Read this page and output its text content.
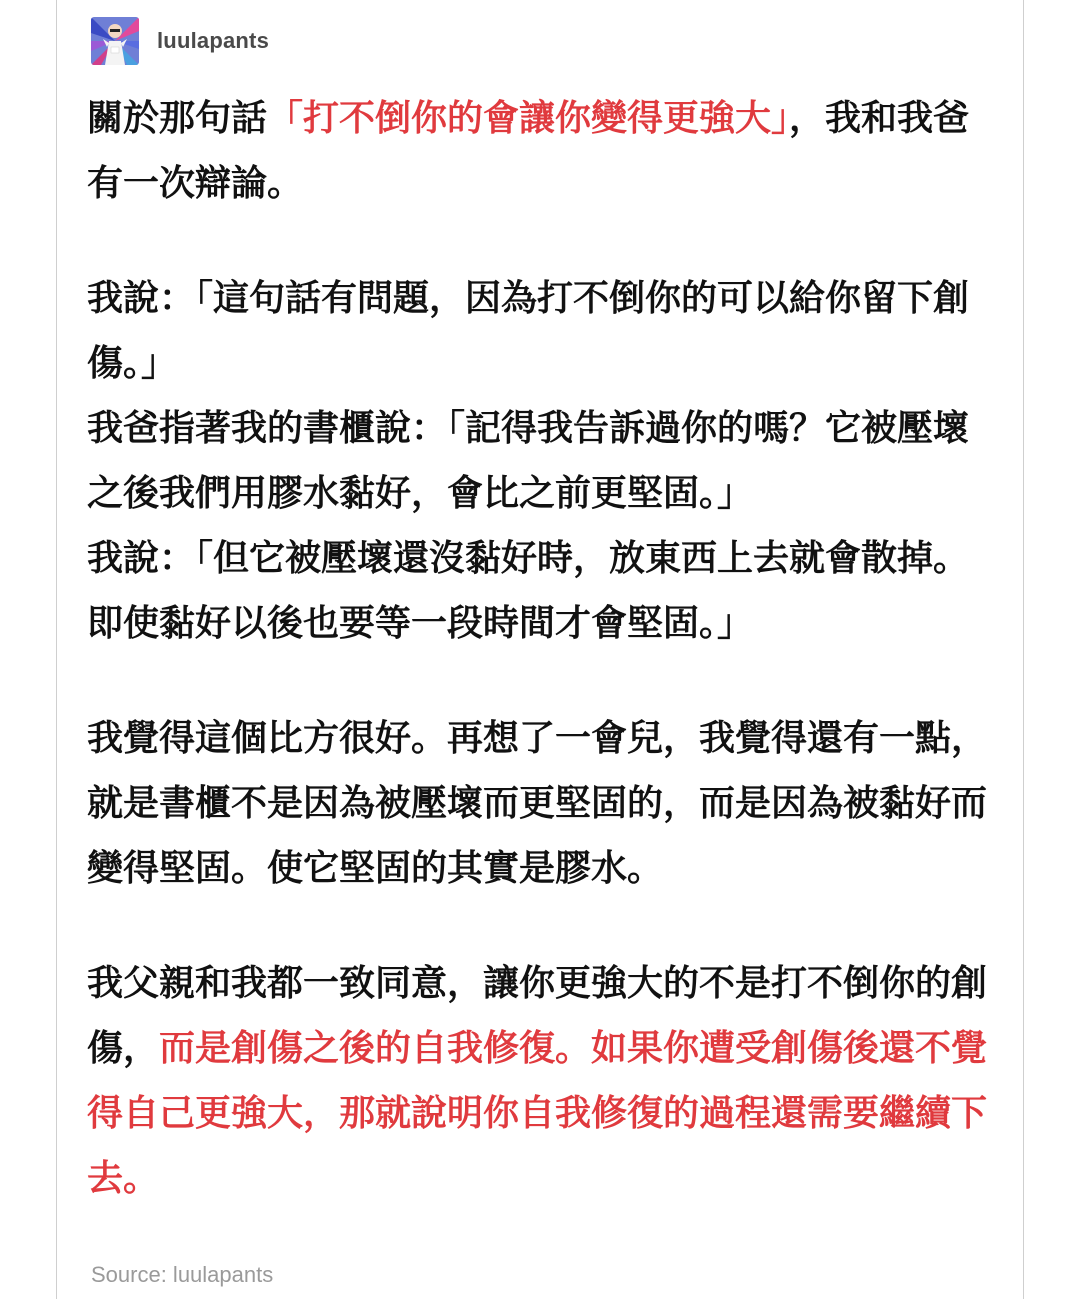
luulapants

關於那句話「打不倒你的會讓你變得更強大」，我和我爸有一次辯論。

我說：「這句話有問題，因為打不倒你的可以給你留下創傷。」

我爸指著我的書櫃說：「記得我告訴過你的嗎？它被壓壞之後我們用膠水黏好，會比之前更堅固。」

我說：「但它被壓壞還沒黏好時，放東西上去就會散掉。即使黏好以後也要等一段時間才會堅固。」

我覺得這個比方很好。再想了一會兒，我覺得還有一點，就是書櫃不是因為被壓壞而更堅固的，而是因為被黏好而變得堅固。使它堅固的其實是膠水。

我父親和我都一致同意，讓你更強大的不是打不倒你的創傷，而是創傷之後的自我修復。如果你遭受創傷後還不覺得自己更強大，那就說明你自我修復的過程還需要繼續下去。

Source: luulapants
